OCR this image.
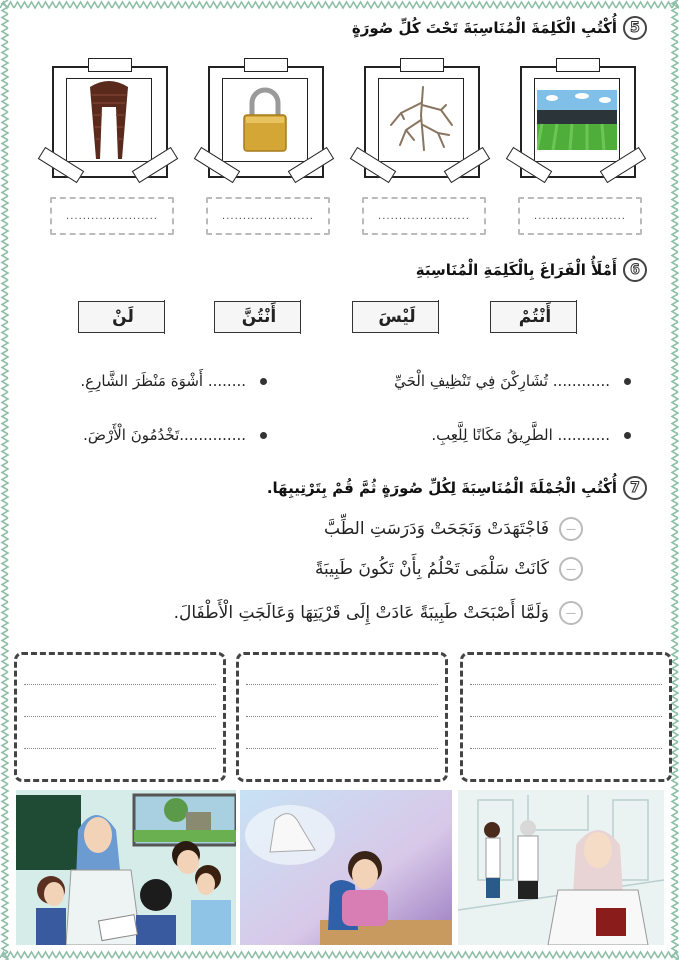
5
أُكْتُبِ الْكَلِمَةَ الْمُنَاسِبَةَ تَحْتَ كُلِّ صُورَةٍ
......................
......................
......................
......................
6
أَمْلَأُ الْفَرَاغَ بِالْكَلِمَةِ الْمُنَاسِبَةِ
أَنْتُمْ
لَيْسَ
أَنْتُنَّ
لَنْ
............ تُشَارِكْنَ فِي تَنْظِيفِ الْحَيِّ
........ أَشْوَهَ مَنْظَرَ الشَّارِعِ.
........... الطَّرِيقُ مَكَانًا لِلَّعِبِ.
..............تَخْدُمُونَ الْأَرْضَ.
7
أُكْتُبِ الْجُمْلَةَ الْمُنَاسِبَةَ لِكُلِّ صُورَةٍ ثُمَّ قُمْ بِتَرْتِيبِهَا.
—
فَاجْتَهَدَتْ وَنَجَحَتْ وَدَرَسَتِ الطِّبَّ
—
كَانَتْ سَلْمَى تَحْلُمُ بِأَنْ تَكُونَ طَبِيبَةً
—
وَلَمَّا أَصْبَحَتْ طَبِيبَةً عَادَتْ إِلَى قَرْيَتِهَا وَعَالَجَتِ الْأَطْفَالَ.
